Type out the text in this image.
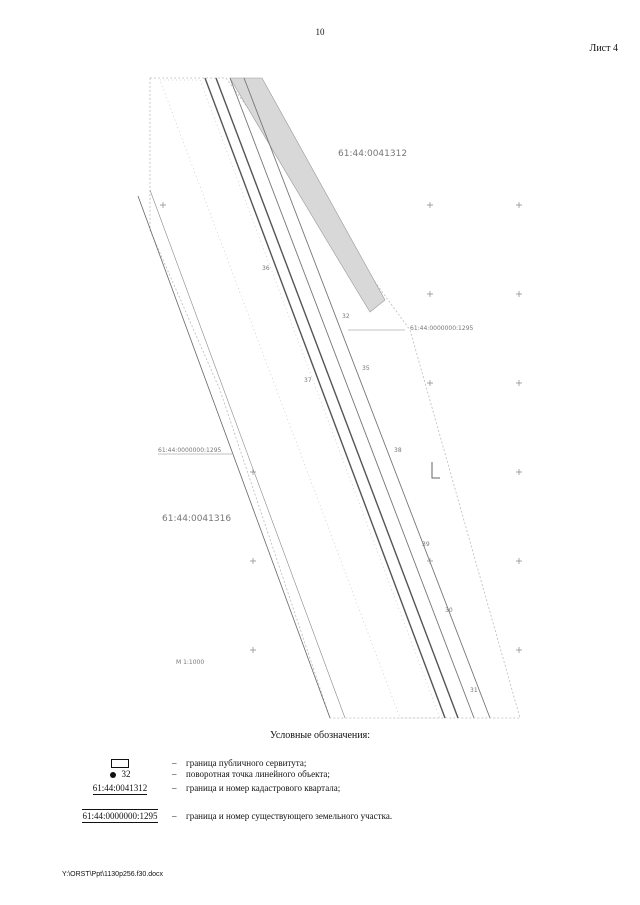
10
Лист 4
61:44:0041312
61:44:0041316
61:44:0000000:1295
61:44:0000000:1295
М 1:1000
32
37
35
38
39
30
31
36
Условные обозначения:
– граница публичного сервитута;
32	– поворотная точка линейного объекта;
61:44:0041312	– граница и номер кадастрового квартала;
61:44:0000000:1295	– граница и номер существующего земельного участка.
Y:\ORST\Ppt\1130p256.f30.docx
